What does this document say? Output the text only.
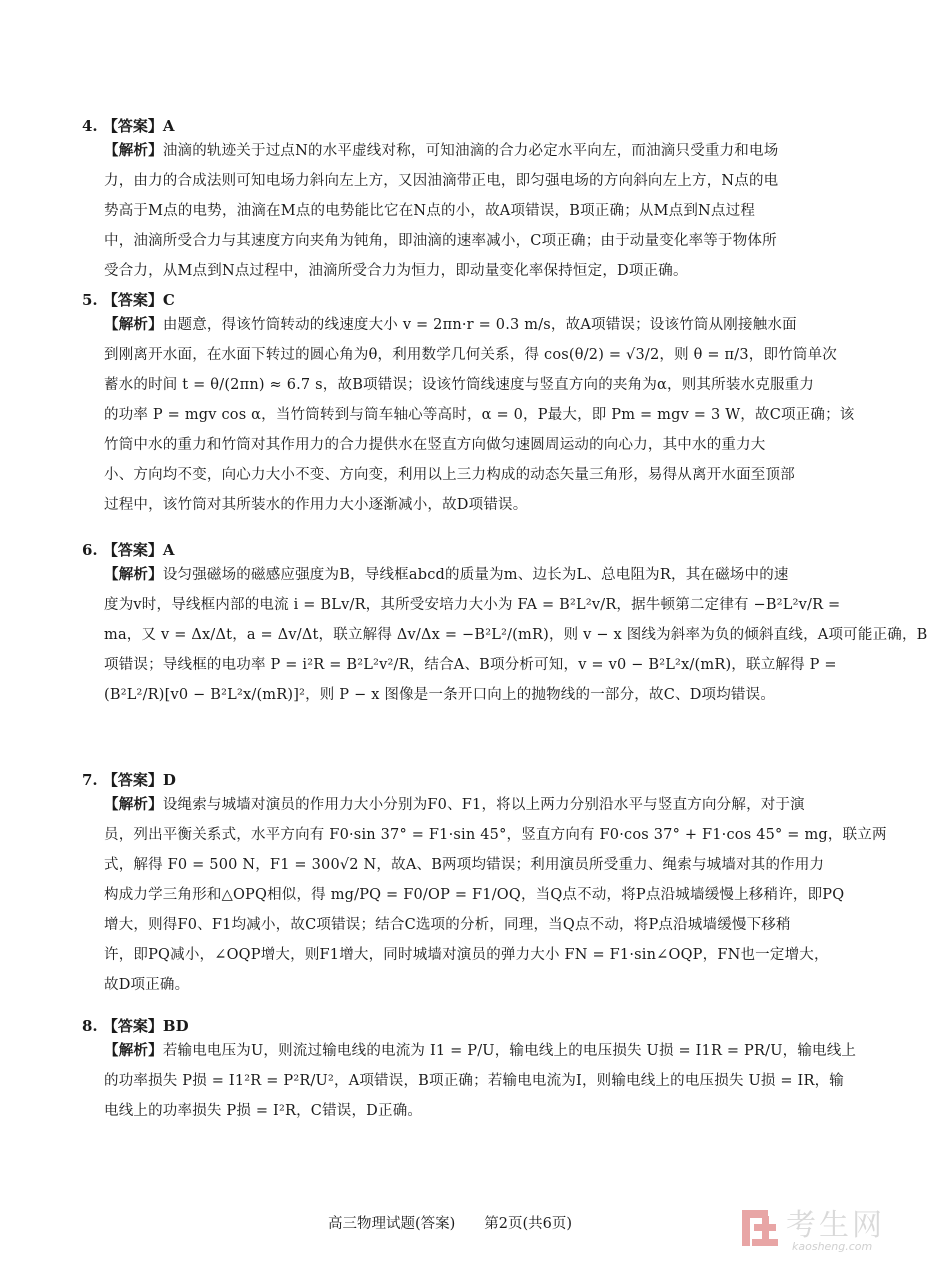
4. 【答案】A
【解析】油滴的轨迹关于过点N的水平虚线对称，可知油滴的合力必定水平向左，而油滴只受重力和电场
力，由力的合成法则可知电场力斜向左上方，又因油滴带正电，即匀强电场的方向斜向左上方，N点的电
势高于M点的电势，油滴在M点的电势能比它在N点的小，故A项错误，B项正确；从M点到N点过程
中，油滴所受合力与其速度方向夹角为钝角，即油滴的速率减小，C项正确；由于动量变化率等于物体所
受合力，从M点到N点过程中，油滴所受合力为恒力，即动量变化率保持恒定，D项正确。
5. 【答案】C
【解析】由题意，得该竹筒转动的线速度大小 v = 2πn·r = 0.3 m/s，故A项错误；设该竹筒从刚接触水面
到刚离开水面，在水面下转过的圆心角为θ，利用数学几何关系，得 cos(θ/2) = √3/2，则 θ = π/3，即竹筒单次
蓄水的时间 t = θ/(2πn) ≈ 6.7 s，故B项错误；设该竹筒线速度与竖直方向的夹角为α，则其所装水克服重力
的功率 P = mgv cos α，当竹筒转到与筒车轴心等高时，α = 0，P最大，即 Pm = mgv = 3 W，故C项正确；该
竹筒中水的重力和竹筒对其作用力的合力提供水在竖直方向做匀速圆周运动的向心力，其中水的重力大
小、方向均不变，向心力大小不变、方向变，利用以上三力构成的动态矢量三角形，易得从离开水面至顶部
过程中，该竹筒对其所装水的作用力大小逐渐减小，故D项错误。
6. 【答案】A
【解析】设匀强磁场的磁感应强度为B，导线框abcd的质量为m、边长为L、总电阻为R，其在磁场中的速
度为v时，导线框内部的电流 i = BLv/R，其所受安培力大小为 FA = B²L²v/R，据牛顿第二定律有 −B²L²v/R =
ma，又 v = Δx/Δt，a = Δv/Δt，联立解得 Δv/Δx = −B²L²/(mR)，则 v − x 图线为斜率为负的倾斜直线，A项可能正确，B
项错误；导线框的电功率 P = i²R = B²L²v²/R，结合A、B项分析可知，v = v0 − B²L²x/(mR)，联立解得 P =
(B²L²/R)[v0 − B²L²x/(mR)]²，则 P − x 图像是一条开口向上的抛物线的一部分，故C、D项均错误。
7. 【答案】D
【解析】设绳索与城墙对演员的作用力大小分别为F0、F1，将以上两力分别沿水平与竖直方向分解，对于演
员，列出平衡关系式，水平方向有 F0·sin 37° = F1·sin 45°，竖直方向有 F0·cos 37° + F1·cos 45° = mg，联立两
式，解得 F0 = 500 N，F1 = 300√2 N，故A、B两项均错误；利用演员所受重力、绳索与城墙对其的作用力
构成力学三角形和△OPQ相似，得 mg/PQ = F0/OP = F1/OQ，当Q点不动，将P点沿城墙缓慢上移稍许，即PQ
增大，则得F0、F1均减小，故C项错误；结合C选项的分析，同理，当Q点不动，将P点沿城墙缓慢下移稍
许，即PQ减小，∠OQP增大，则F1增大，同时城墙对演员的弹力大小 FN = F1·sin∠OQP，FN也一定增大，
故D项正确。
8. 【答案】BD
【解析】若输电电压为U，则流过输电线的电流为 I1 = P/U，输电线上的电压损失 U损 = I1R = PR/U，输电线上
的功率损失 P损 = I1²R = P²R/U²，A项错误，B项正确；若输电电流为I，则输电线上的电压损失 U损 = IR，输
电线上的功率损失 P损 = I²R，C错误，D正确。
高三物理试题(答案)　　第2页(共6页)	考生网
kaosheng.com
